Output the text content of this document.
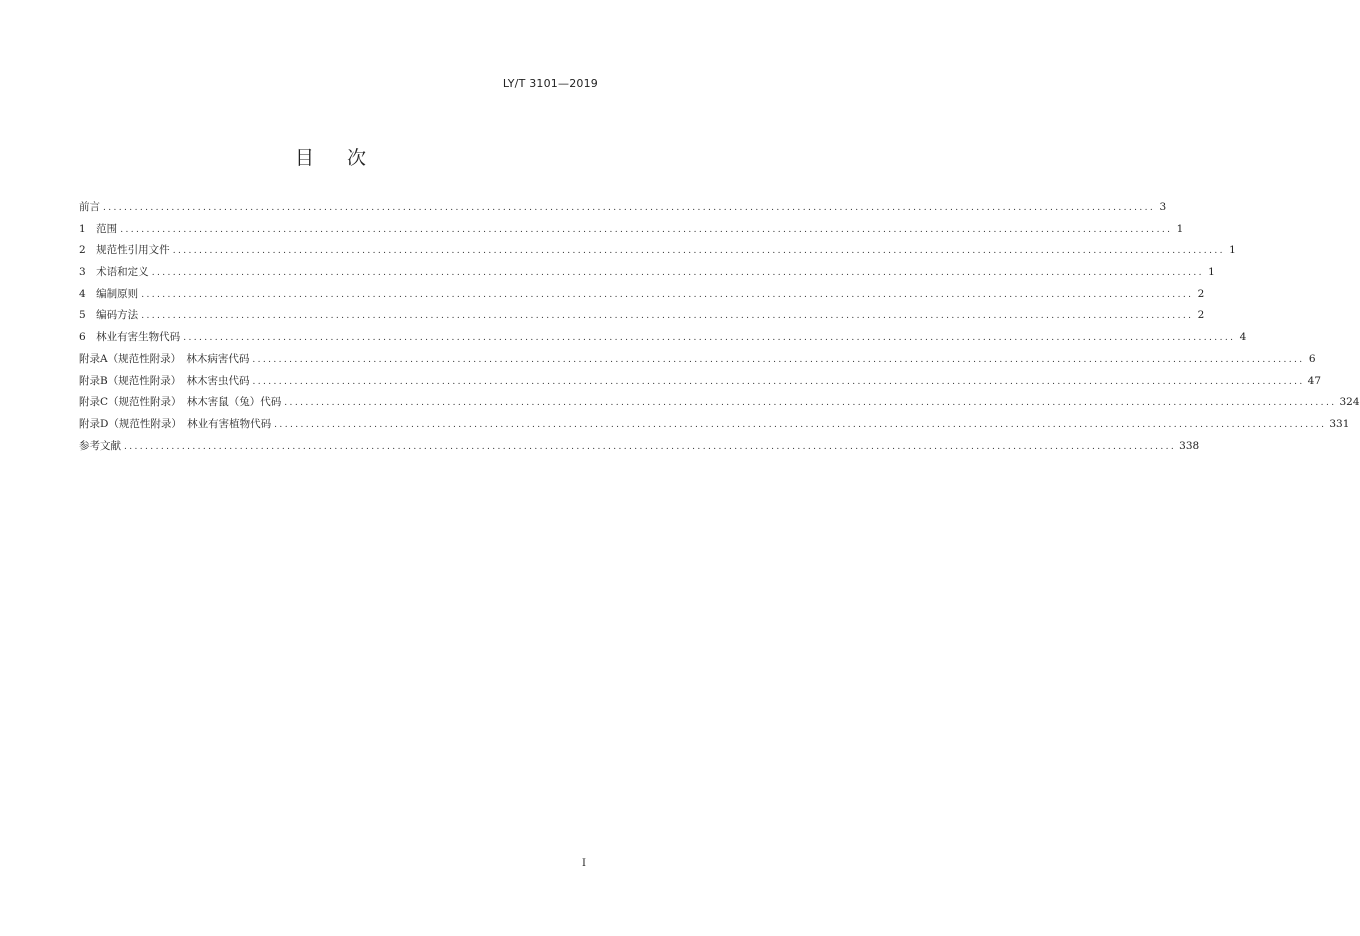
LY/T 3101—2019
目 次
前言 ........................................................................................................................................................................................................ 3
1　范围 ........................................................................................................................................................................................................ 1
2　规范性引用文件 ........................................................................................................................................................................................................ 1
3　术语和定义 ........................................................................................................................................................................................................ 1
4　编制原则 ........................................................................................................................................................................................................ 2
5　编码方法 ........................................................................................................................................................................................................ 2
6　林业有害生物代码 ........................................................................................................................................................................................................ 4
附录A（规范性附录）　林木病害代码 ........................................................................................................................................................................................................ 6
附录B（规范性附录）　林木害虫代码 ........................................................................................................................................................................................................ 47
附录C（规范性附录）　林木害鼠（兔）代码 ........................................................................................................................................................................................................ 324
附录D（规范性附录）　林业有害植物代码 ........................................................................................................................................................................................................ 331
参考文献 ........................................................................................................................................................................................................ 338
I
